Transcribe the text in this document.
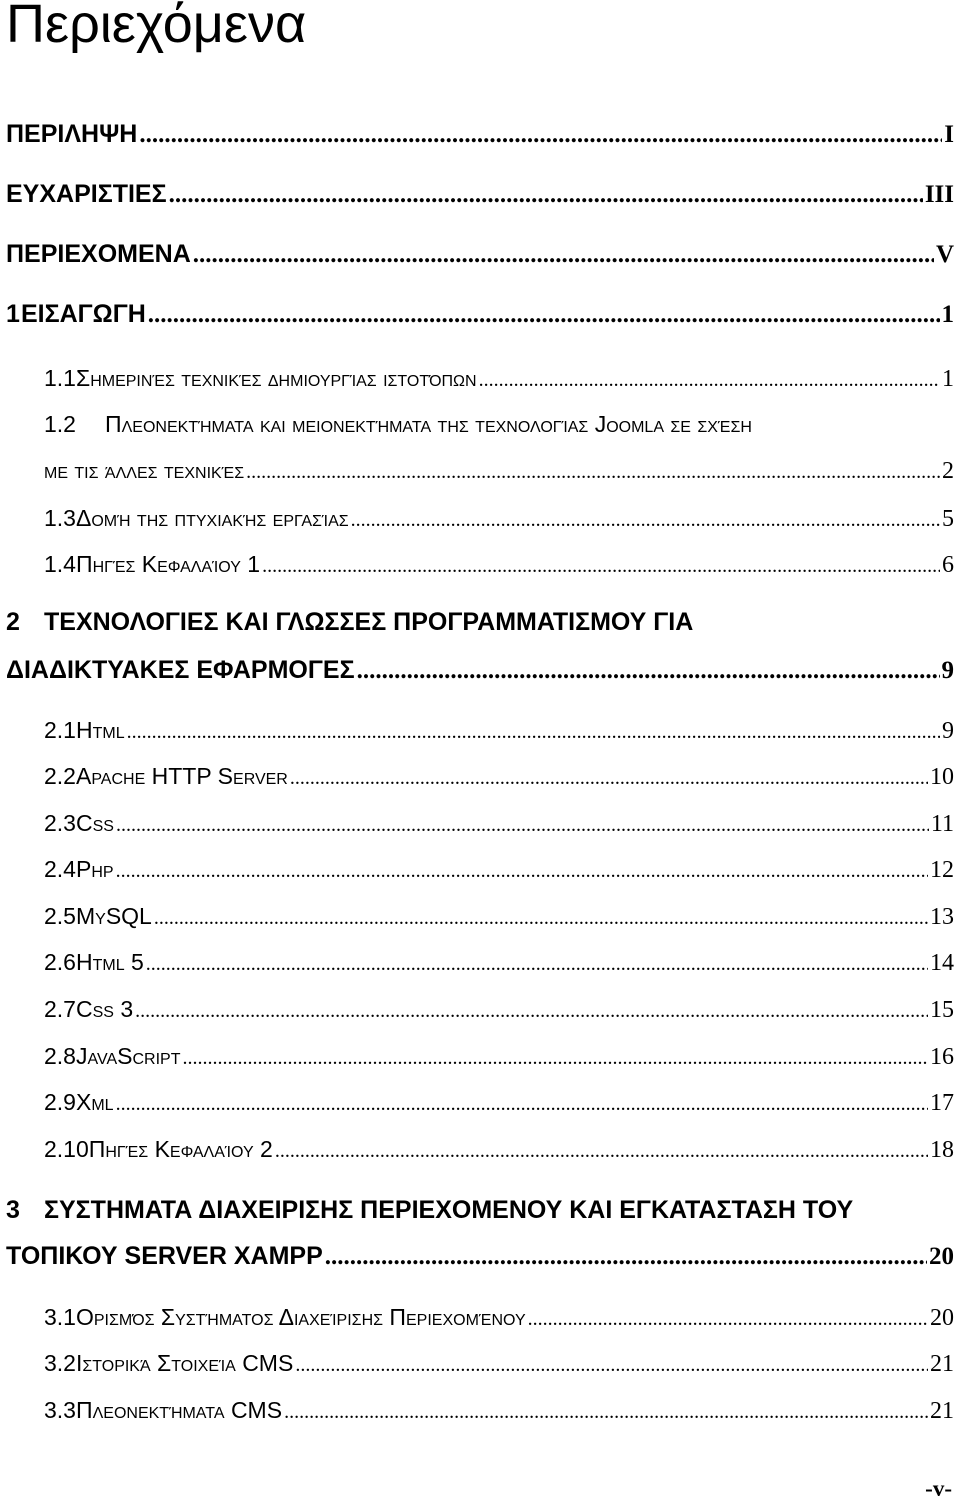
Περιεχόμενα
ΠΕΡΙΛΗΨΗ .....	I
ΕΥΧΑΡΙΣΤΙΕΣ .....	III
ΠΕΡΙΕΧΟΜΕΝΑ .....	V
1 ΕΙΣΑΓΩΓΗ .....	1
1.1 Σημερινές τεχνικές δημιουργίας ιστοτόπων .....	1
1.2 Πλεονεκτήματα και μειονεκτήματα της τεχνολογίας Joomla σε σχέση
με τις άλλες τεχνικές .....	2
1.3 Δομή της πτυχιακής εργασίας .....	5
1.4 Πηγές Κεφαλαίου 1 .....	6
2 ΤΕΧΝΟΛΟΓΙΕΣ ΚΑΙ ΓΛΩΣΣΕΣ ΠΡΟΓΡΑΜΜΑΤΙΣΜΟΥ ΓΙΑ
ΔΙΑΔΙΚΤΥΑΚΕΣ ΕΦΑΡΜΟΓΕΣ .....	9
2.1 Html .....	9
2.2 Apache HTTP Server .....	10
2.3 Css .....	11
2.4 Php .....	12
2.5 MySQL .....	13
2.6 Html 5 .....	14
2.7 Css 3 .....	15
2.8 JavaScript .....	16
2.9 Xml .....	17
2.10 Πηγές Κεφαλαίου 2 .....	18
3 ΣΥΣΤΗΜΑΤΑ ΔΙΑΧΕΙΡΙΣΗΣ ΠΕΡΙΕΧΟΜΕΝΟΥ ΚΑΙ ΕΓΚΑΤΑΣΤΑΣΗ ΤΟΥ
ΤΟΠΙΚΟΥ SERVER XAMPP .....	20
3.1 Ορισμός Συστήματος Διαχείρισης Περιεχομένου .....	20
3.2 Ιστορικά Στοιχεία CMS .....	21
3.3 Πλεονεκτήματα CMS .....	21
-v-
